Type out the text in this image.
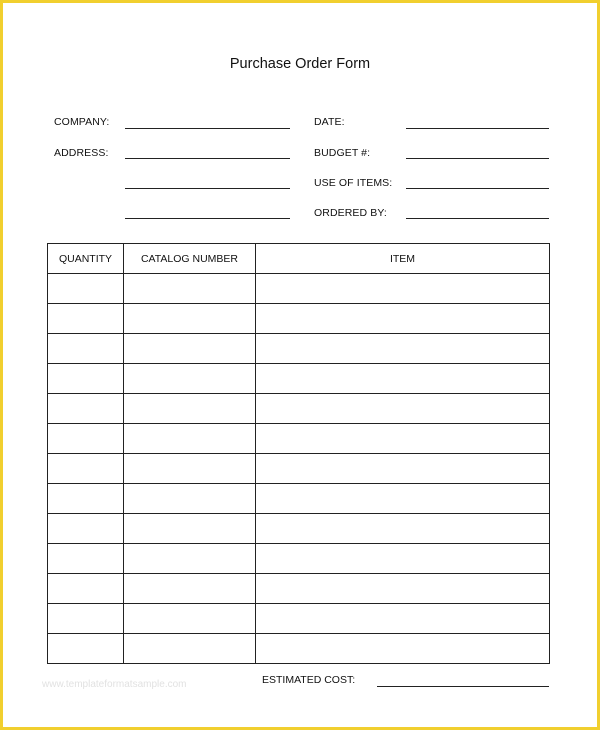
Purchase Order Form
COMPANY:
ADDRESS:
DATE:
BUDGET #:
USE OF ITEMS:
ORDERED BY:
QUANTITY	CATALOG NUMBER	ITEM

www.templateformatsample.com	ESTIMATED COST:
